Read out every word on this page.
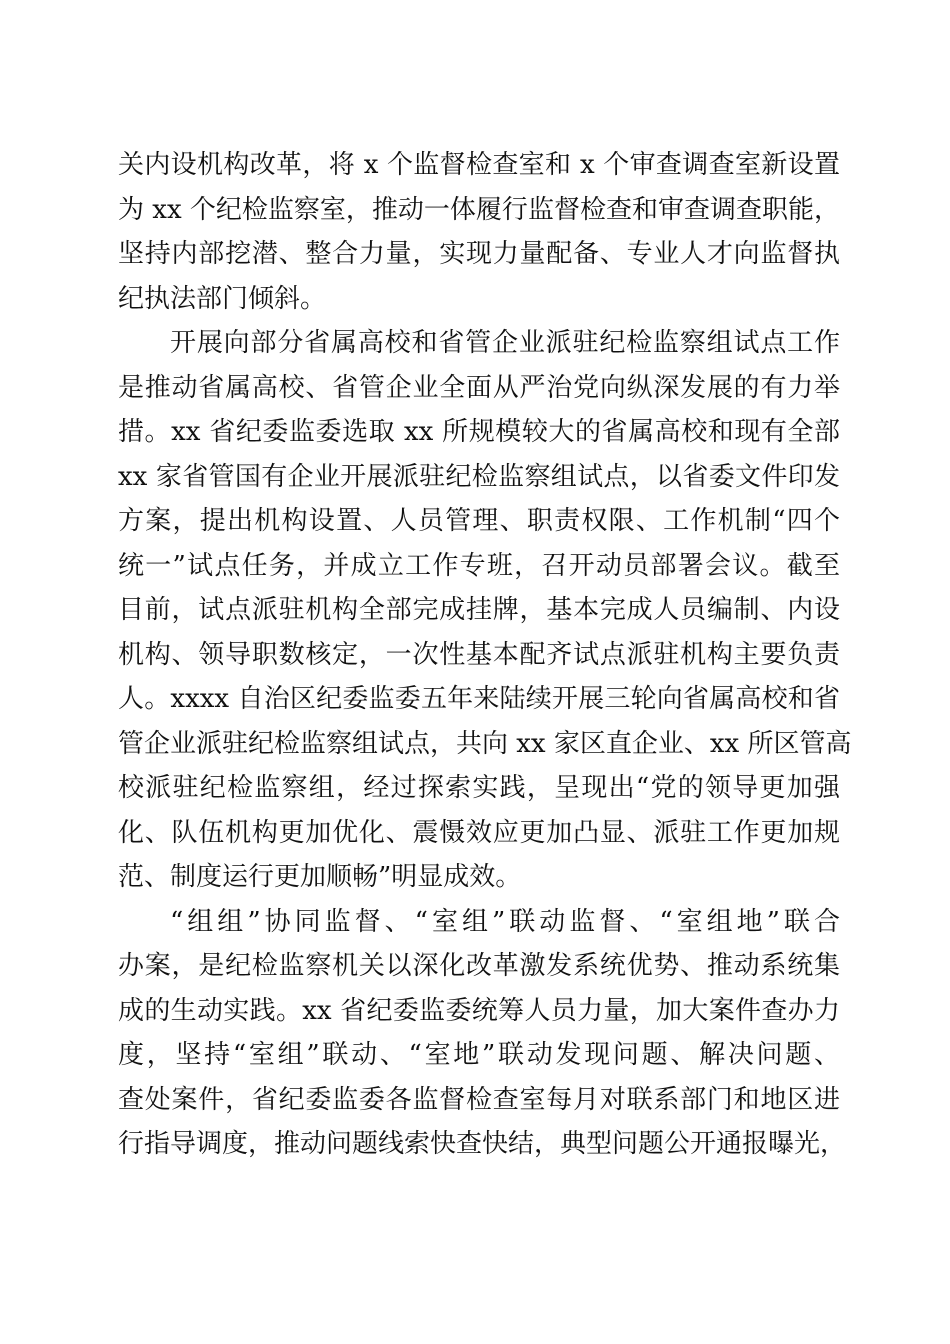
关内设机构改革，将 x 个监督检查室和 x 个审查调查室新设置
为 xx 个纪检监察室，推动一体履行监督检查和审查调查职能，
坚持内部挖潜、整合力量，实现力量配备、专业人才向监督执
纪执法部门倾斜。
开展向部分省属高校和省管企业派驻纪检监察组试点工作
是推动省属高校、省管企业全面从严治党向纵深发展的有力举
措。xx 省纪委监委选取 xx 所规模较大的省属高校和现有全部
xx 家省管国有企业开展派驻纪检监察组试点，以省委文件印发
方案，提出机构设置、人员管理、职责权限、工作机制“四个
统一”试点任务，并成立工作专班，召开动员部署会议。截至
目前，试点派驻机构全部完成挂牌，基本完成人员编制、内设
机构、领导职数核定，一次性基本配齐试点派驻机构主要负责
人。xxxx 自治区纪委监委五年来陆续开展三轮向省属高校和省
管企业派驻纪检监察组试点，共向 xx 家区直企业、xx 所区管高
校派驻纪检监察组，经过探索实践，呈现出“党的领导更加强
化、队伍机构更加优化、震慑效应更加凸显、派驻工作更加规
范、制度运行更加顺畅”明显成效。
“组组”协同监督、“室组”联动监督、“室组地”联合
办案，是纪检监察机关以深化改革激发系统优势、推动系统集
成的生动实践。xx 省纪委监委统筹人员力量，加大案件查办力
度，坚持“室组”联动、“室地”联动发现问题、解决问题、
查处案件，省纪委监委各监督检查室每月对联系部门和地区进
行指导调度，推动问题线索快查快结，典型问题公开通报曝光，
